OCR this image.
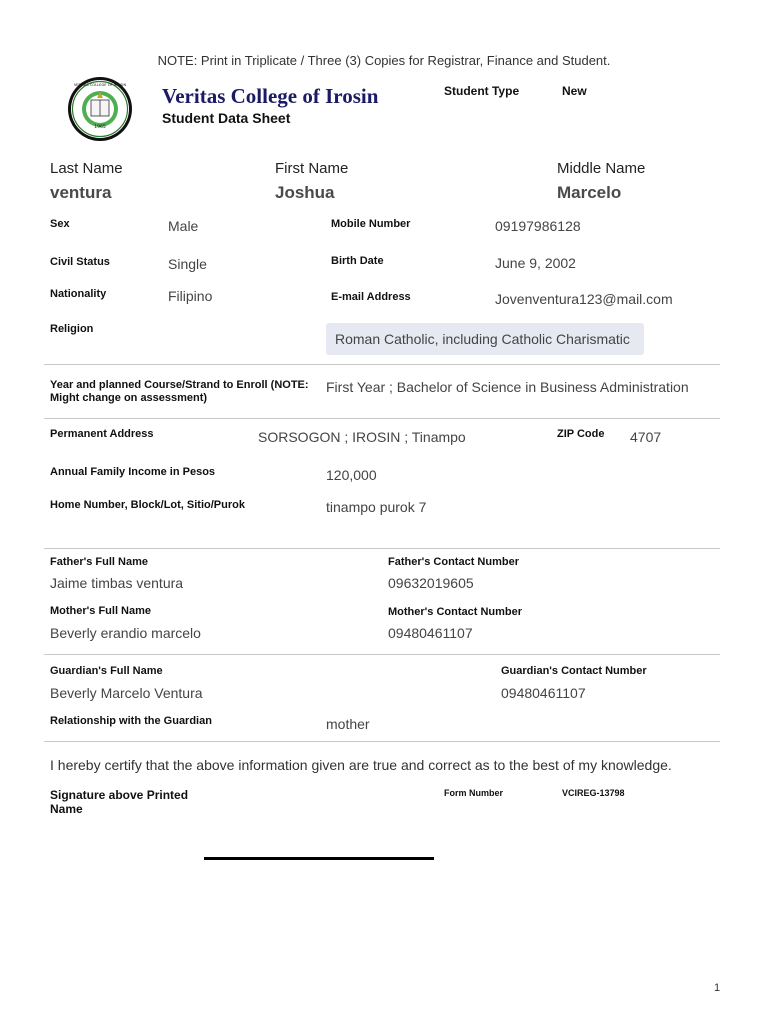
NOTE: Print in Triplicate / Three (3) Copies for Registrar, Finance and Student.
1965
VERITAS COLLEGE OF IROSIN Veritas College of Irosin
Student Data Sheet
Student Type	New
Last Name
ventura
First Name
Joshua
Middle Name
Marcelo
Sex	Male	Mobile Number	09197986128
Civil Status	Single	Birth Date	June 9, 2002
Nationality	Filipino	E-mail Address	Jovenventura123@mail.com
Religion
Roman Catholic, including Catholic Charismatic
Year and planned Course/Strand to Enroll (NOTE:
Might change on assessment)
First Year ; Bachelor of Science in Business Administration
Permanent Address	SORSOGON ; IROSIN ; Tinampo	ZIP Code 4707
Annual Family Income in Pesos	120,000
Home Number, Block/Lot, Sitio/Purok	tinampo purok 7
Father's Full Name
Jaime timbas ventura
Father's Contact Number
09632019605
Mother's Full Name
Beverly erandio marcelo
Mother's Contact Number
09480461107
Guardian's Full Name
Beverly Marcelo Ventura
Guardian's Contact Number
09480461107
Relationship with the Guardian	mother
I hereby certify that the above information given are true and correct as to the best of my knowledge.
Signature above Printed
Name
Form Number	VCIREG-13798
1
